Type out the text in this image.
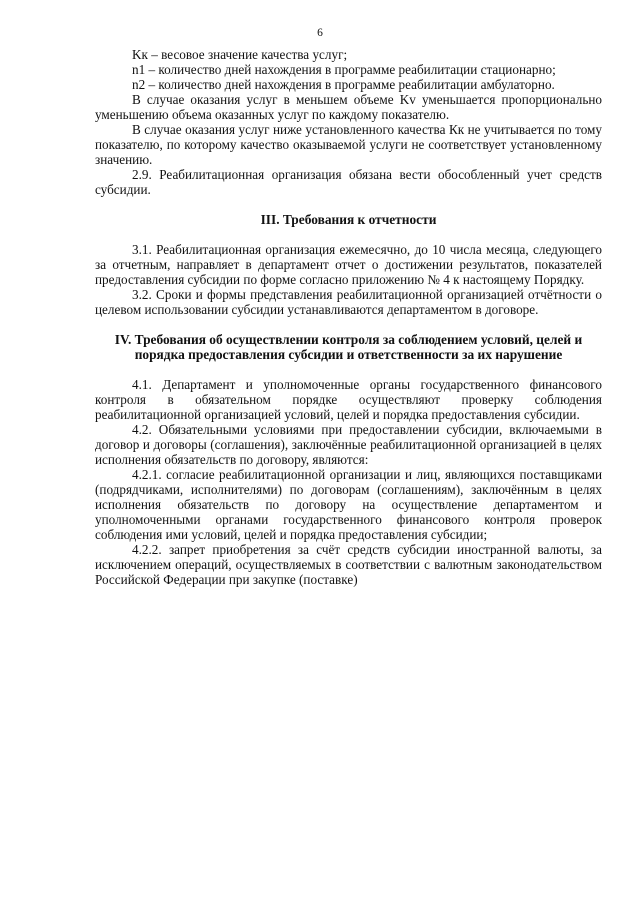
6

Kк – весовое значение качества услуг;

n1 – количество дней нахождения в программе реабилитации стационарно;

n2 – количество дней нахождения в программе реабилитации амбулаторно.

В случае оказания услуг в меньшем объеме Kv уменьшается пропорционально уменьшению объема оказанных услуг по каждому показателю.

В случае оказания услуг ниже установленного качества Кк не учитывается по тому показателю, по которому качество оказываемой услуги не соответствует установленному значению.

2.9. Реабилитационная организация обязана вести обособленный учет средств субсидии.

III. Требования к отчетности

3.1. Реабилитационная организация ежемесячно, до 10 числа месяца, следующего за отчетным, направляет в департамент отчет о достижении результатов, показателей предоставления субсидии по форме согласно приложению № 4 к настоящему Порядку.

3.2. Сроки и формы представления реабилитационной организацией отчётности о целевом использовании субсидии устанавливаются департаментом в договоре.

IV. Требования об осуществлении контроля за соблюдением условий, целей и порядка предоставления субсидии и ответственности за их нарушение

4.1. Департамент и уполномоченные органы государственного финансового контроля в обязательном порядке осуществляют проверку соблюдения реабилитационной организацией условий, целей и порядка предоставления субсидии.

4.2. Обязательными условиями при предоставлении субсидии, включаемыми в договор и договоры (соглашения), заключённые реабилитационной организацией в целях исполнения обязательств по договору, являются:

4.2.1. согласие реабилитационной организации и лиц, являющихся поставщиками (подрядчиками, исполнителями) по договорам (соглашениям), заключённым в целях исполнения обязательств по договору на осуществление департаментом и уполномоченными органами государственного финансового контроля проверок соблюдения ими условий, целей и порядка предоставления субсидии;

4.2.2. запрет приобретения за счёт средств субсидии иностранной валюты, за исключением операций, осуществляемых в соответствии с валютным законодательством Российской Федерации при закупке (поставке)
